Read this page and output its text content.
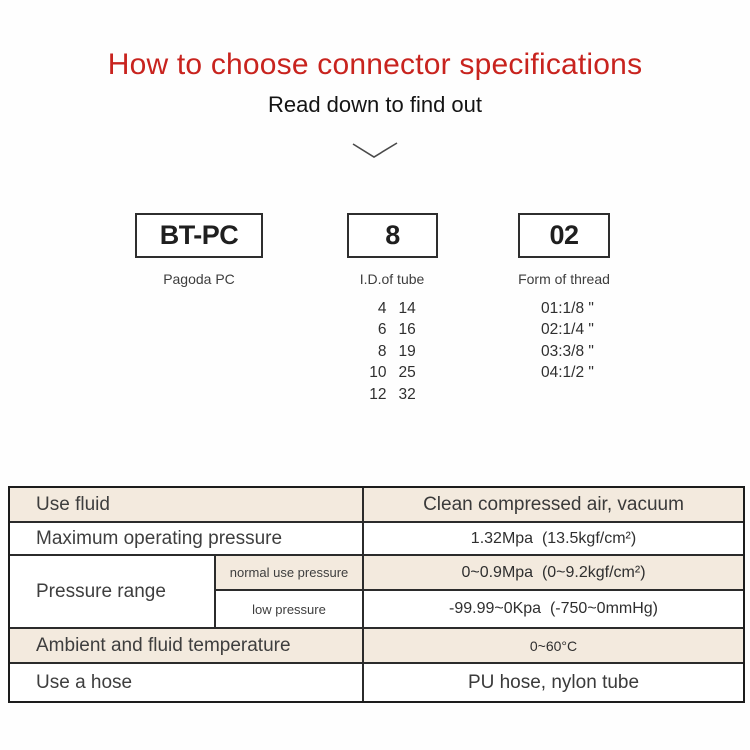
How to choose connector specifications
Read down to find out
BT-PC	8	02
Pagoda PC	I.D.of tube	Form of thread
4 14
6 16
8 19
10 25
12 32
01:1/8 "
02:1/4 "
03:3/8 "
04:1/2 "
Use fluid	Clean compressed air, vacuum
Maximum operating pressure	1.32Mpa  (13.5kgf/cm²)
Pressure range
normal use pressure	0~0.9Mpa  (0~9.2kgf/cm²)
low pressure	-99.99~0Kpa  (-750~0mmHg)
Ambient and fluid temperature	0~60°C
Use a hose	PU hose, nylon tube
